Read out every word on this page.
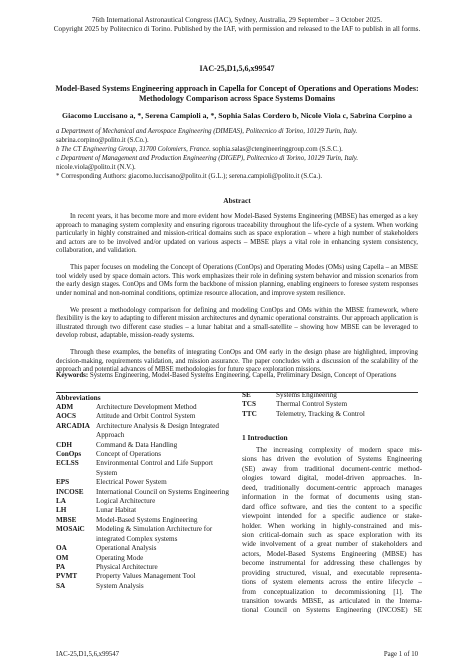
76th International Astronautical Congress (IAC), Sydney, Australia, 29 September – 3 October 2025.
Copyright 2025 by Politecnico di Torino. Published by the IAF, with permission and released to the IAF to publish in all forms.
IAC-25,D1,5,6,x99547
Model-Based Systems Engineering approach in Capella for Concept of Operations and Operations Modes:
Methodology Comparison across Space Systems Domains
Giacomo Luccisano a, *, Serena Campioli a, *, Sophia Salas Cordero b, Nicole Viola c, Sabrina Corpino a
a Department of Mechanical and Aerospace Engineering (DIMEAS), Politecnico di Torino, 10129 Turin, Italy.
sabrina.corpino@polito.it (S.Co.).
b The CT Engineering Group, 31700 Colomiers, France. sophia.salas@ctengineeringgroup.com (S.S.C.).
c Department of Management and Production Engineering (DIGEP), Politecnico di Torino, 10129 Turin, Italy.
nicole.viola@polito.it (N.V.).
* Corresponding Authors: giacomo.luccisano@polito.it (G.L.); serena.campioli@polito.it (S.Ca.).
Abstract

In recent years, it has become more and more evident how Model-Based Systems Engineering (MBSE) has emerged as a key approach to managing system complexity and ensuring rigorous traceability throughout the life-cycle of a system. When working particularly in highly constrained and mission-critical domains such as space exploration – where a high number of stakeholders and actors are to be involved and/or updated on various aspects – MBSE plays a vital role in enhancing system consistency, collaboration, and validation.

This paper focuses on modeling the Concept of Operations (ConOps) and Operating Modes (OMs) using Capella – an MBSE tool widely used by space domain actors. This work emphasizes their role in defining system behavior and mission scenarios from the early design stages. ConOps and OMs form the backbone of mission planning, enabling engineers to foresee system responses under nominal and non-nominal conditions, optimize resource allocation, and improve system resilience.

We present a methodology comparison for defining and modeling ConOps and OMs within the MBSE framework, where flexibility is the key to adapting to different mission architectures and dynamic operational constraints. Our approach application is illustrated through two different case studies – a lunar habitat and a small-satellite – showing how MBSE can be leveraged to develop robust, adaptable, mission-ready systems.

Through these examples, the benefits of integrating ConOps and OM early in the design phase are highlighted, improving decision-making, requirements validation, and mission assurance. The paper concludes with a discussion of the scalability of the approach and potential advances of MBSE methodologies for future space exploration missions.

Keywords: Systems Engineering, Model-Based Systems Engineering, Capella, Preliminary Design, Concept of Operations
Abbreviations
ADM	Architecture Development Method
AOCS	Attitude and Orbit Control System
ARCADIA	Architecture Analysis & Design Integrated Approach
CDH	Command & Data Handling
ConOps	Concept of Operations
ECLSS	Environmental Control and Life Support System
EPS	Electrical Power System
INCOSE	International Council on Systems Engineering
LA	Logical Architecture
LH	Lunar Habitat
MBSE	Model-Based Systems Engineering
MOSAiC	Modeling & Simulation Architecture for integrated Complex systems
OA	Operational Analysis
OM	Operating Mode
PA	Physical Architecture
PVMT	Property Values Management Tool
SA	System Analysis
SE	Systems Engineering
TCS	Thermal Control System
TTC	Telemetry, Tracking & Control
1 Introduction
The increasing complexity of modern space mis-
sions has driven the evolution of Systems Engineering
(SE) away from traditional document-centric method-
ologies toward digital, model-driven approaches. In-
deed, traditionally document-centric approach manages
information in the format of documents using stan-
dard office software, and ties the content to a specific
viewpoint intended for a specific audience or stake-
holder. When working in highly-constrained and mis-
sion critical-domain such as space exploration with its
wide involvement of a great number of stakeholders and
actors, Model-Based Systems Engineering (MBSE) has
become instrumental for addressing these challenges by
providing structured, visual, and executable representa-
tions of system elements across the entire lifecycle –
from conceptualization to decommissioning [1]. The
transition towards MBSE, as articulated in the Interna-
tional Council on Systems Engineering (INCOSE) SE
IAC-25,D1,5,6,x99547	Page 1 of 10
